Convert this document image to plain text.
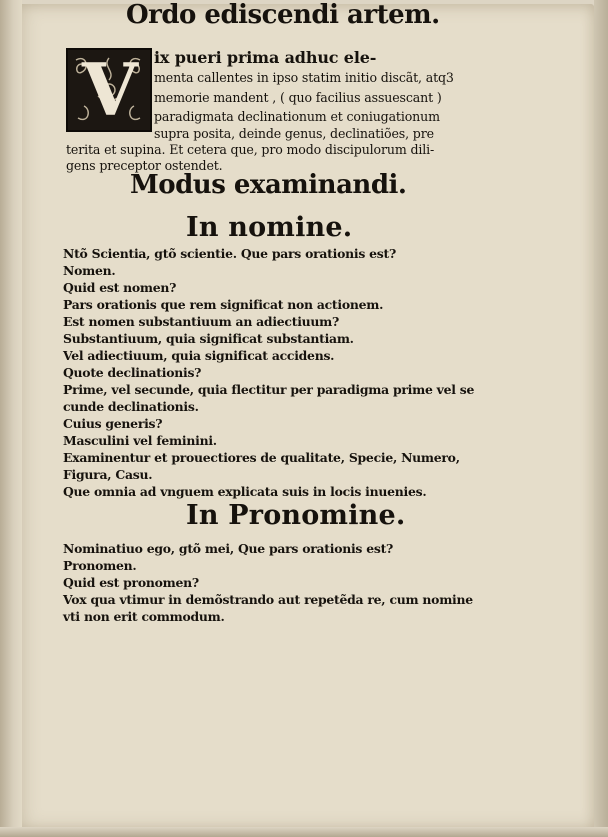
Ordo ediscendi artem.
V ix pueri prima adhuc ele-
menta callentes in ipso statim initio discãt, atq3
memorie mandent , ( quo facilius assuescant )
paradigmata declinationum et coniugationum
supra posita, deinde genus, declinatiões, pre
terita et supina. Et cetera que, pro modo discipulorum dili-
gens preceptor ostendet.
Modus examinandi.
In nomine.
Ntõ Scientia, gtõ scientie. Que pars orationis est?
Nomen.
Quid est nomen?
Pars orationis que rem significat non actionem.
Est nomen substantiuum an adiectiuum?
Substantiuum, quia significat substantiam.
Vel adiectiuum, quia significat accidens.
Quote declinationis?
Prime, vel secunde, quia flectitur per paradigma prime vel se
cunde declinationis.
Cuius generis?
Masculini vel feminini.
Examinentur et prouectiores de qualitate, Specie, Numero,
Figura, Casu.
Que omnia ad vnguem explicata suis in locis inuenies.
In Pronomine.
Nominatiuo ego, gtõ mei, Que pars orationis est?
Pronomen.
Quid est pronomen?
Vox qua vtimur in demõstrando aut repetẽda re, cum nomine
vti non erit commodum.
